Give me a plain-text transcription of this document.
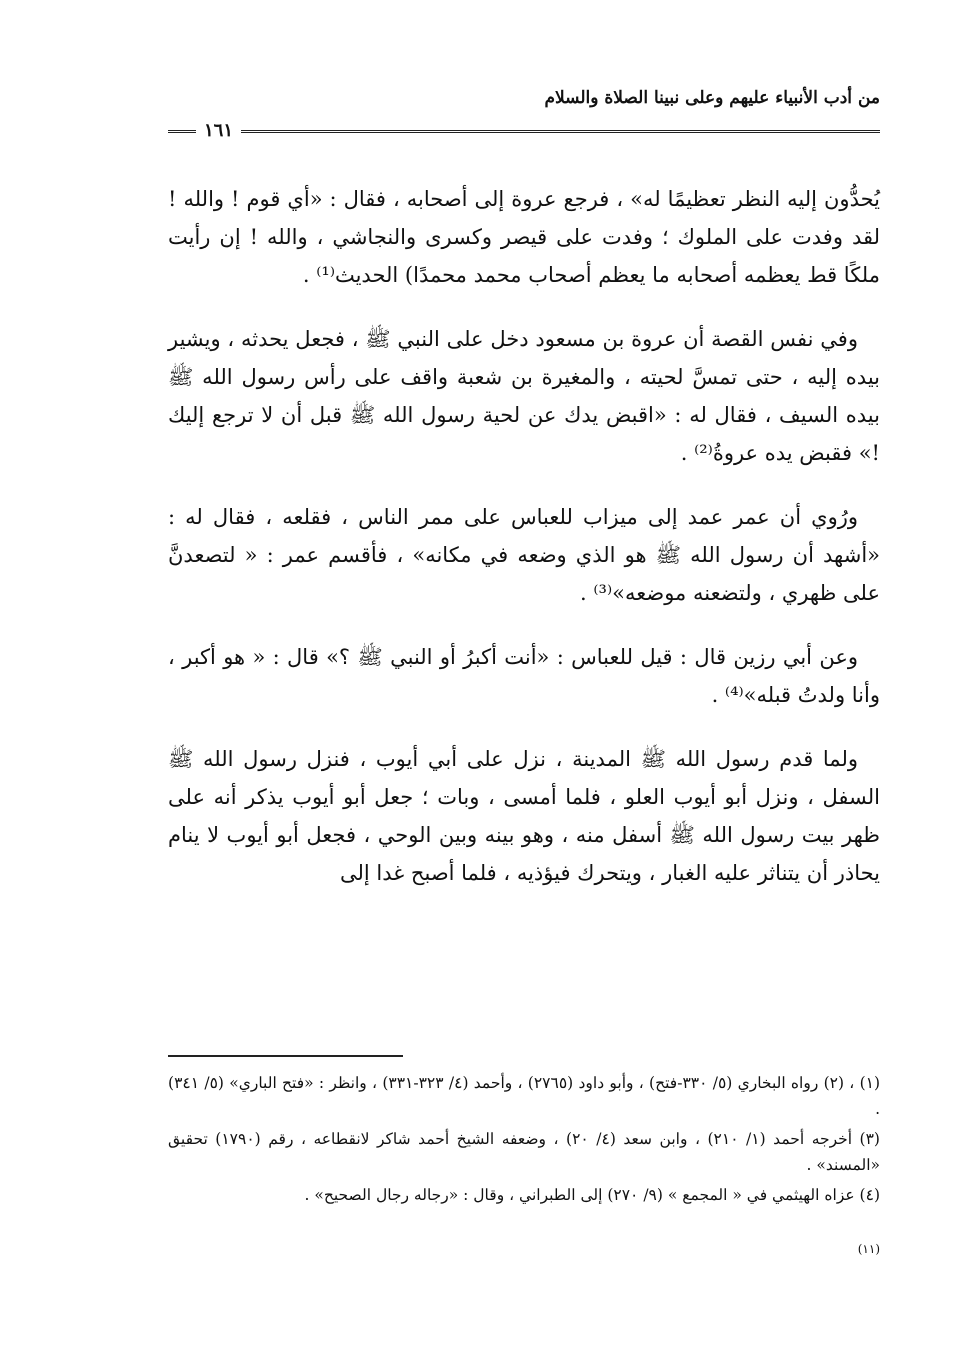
من أدب الأنبياء عليهم وعلى نبينا الصلاة والسلام
١٦١

يُحدُّون إليه النظر تعظيمًا له» ، فرجع عروة إلى أصحابه ، فقال : «أي قوم ! والله ! لقد وفدت على الملوك ؛ وفدت على قيصر وكسرى والنجاشي ، والله ! إن رأيت ملكًا قط يعظمه أصحابه ما يعظم أصحاب محمد محمدًا) الحديث⁽¹⁾ .

وفي نفس القصة أن عروة بن مسعود دخل على النبي ﷺ ، فجعل يحدثه ، ويشير بيده إليه ، حتى تمسَّ لحيته ، والمغيرة بن شعبة واقف على رأس رسول الله ﷺ بيده السيف ، فقال له : «اقبض يدك عن لحية رسول الله ﷺ قبل أن لا ترجع إليك !» فقبض يده عروةُ⁽²⁾ .

ورُوي أن عمر عمد إلى ميزاب للعباس على ممر الناس ، فقلعه ، فقال له : «أشهد أن رسول الله ﷺ هو الذي وضعه في مكانه» ، فأقسم عمر : « لتصعدنَّ على ظهري ، ولتضعنه موضعه»⁽³⁾ .

وعن أبي رزين قال : قيل للعباس : «أنت أكبرُ أو النبي ﷺ ؟» قال : « هو أكبر ، وأنا ولدتُ قبله»⁽⁴⁾ .

ولما قدم رسول الله ﷺ المدينة ، نزل على أبي أيوب ، فنزل رسول الله ﷺ السفل ، ونزل أبو أيوب العلو ، فلما أمسى ، وبات ؛ جعل أبو أيوب يذكر أنه على ظهر بيت رسول الله ﷺ أسفل منه ، وهو بينه وبين الوحي ، فجعل أبو أيوب لا ينام يحاذر أن يتناثر عليه الغبار ، ويتحرك فيؤذيه ، فلما أصبح غدا إلى

(١) ، (٢) رواه البخاري (٥/ ٣٣٠-فتح) ، وأبو داود (٢٧٦٥) ، وأحمد (٤/ ٣٢٣-٣٣١) ، وانظر : «فتح الباري» (٥/ ٣٤١) .

(٣) أخرجه أحمد (١/ ٢١٠) ، وابن سعد (٤/ ٢٠) ، وضعفه الشيخ أحمد شاكر لانقطاعه ، رقم (١٧٩٠) تحقيق «المسند» .

(٤) عزاه الهيثمي في « المجمع » (٩/ ٢٧٠) إلى الطبراني ، وقال : «رجاله رجال الصحيح» .

(١١)
